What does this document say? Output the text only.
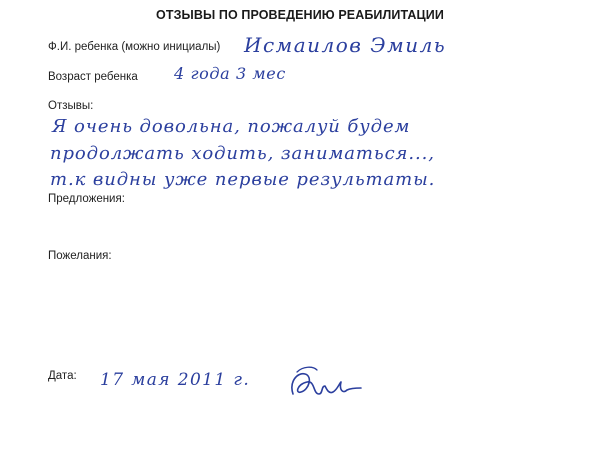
ОТЗЫВЫ ПО ПРОВЕДЕНИЮ РЕАБИЛИТАЦИИ
Ф.И. ребенка (можно инициалы) Исмаилов Эмиль
Возраст ребенка 4 года 3 мес
Отзывы:
Я очень довольна, пожалуй будем
продолжать ходить, заниматься...,
т.к видны уже первые результаты.
Предложения:
Пожелания:
Дата: 17 мая 2011 г.
